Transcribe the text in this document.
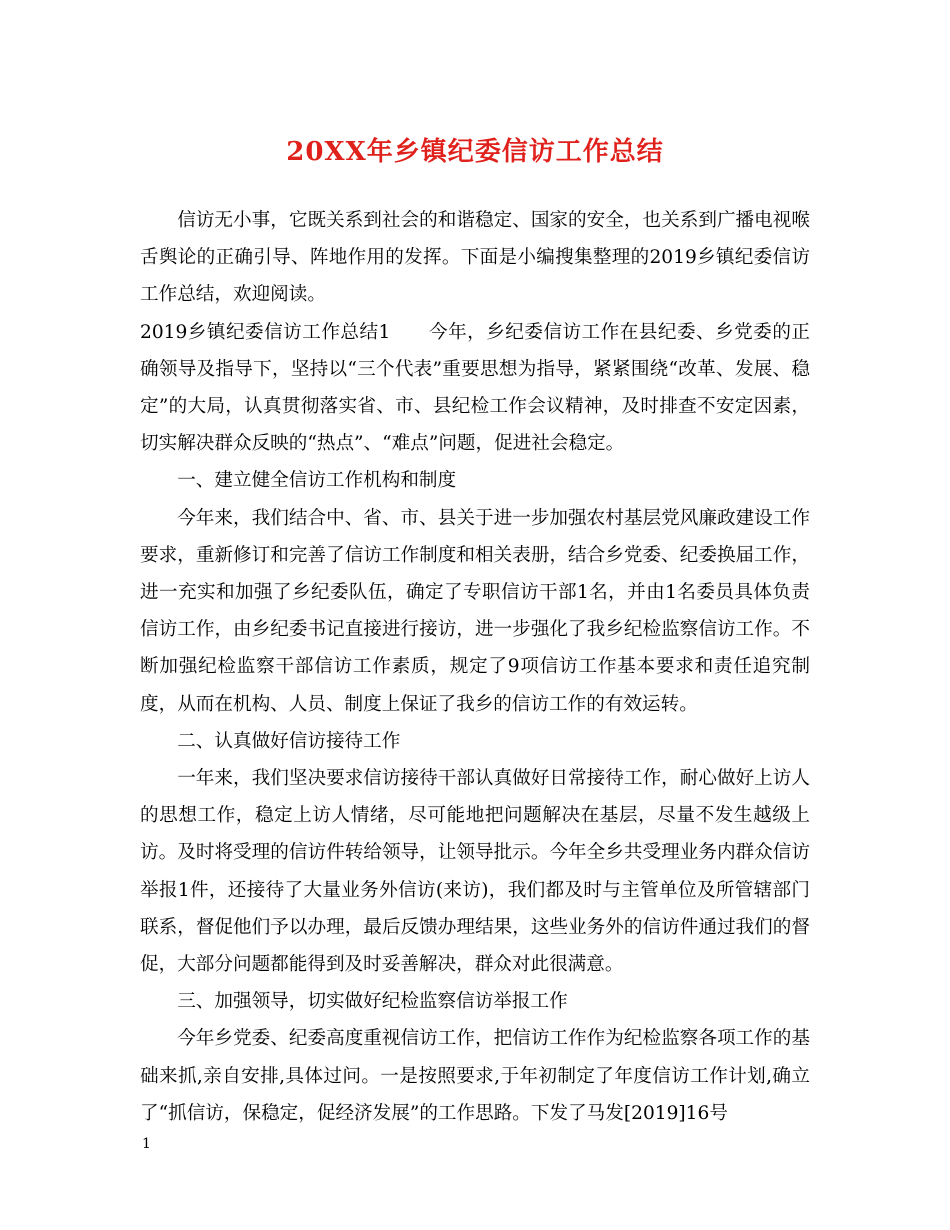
20XX年乡镇纪委信访工作总结

信访无小事，它既关系到社会的和谐稳定、国家的安全，也关系到广播电视喉舌舆论的正确引导、阵地作用的发挥。下面是小编搜集整理的2019乡镇纪委信访工作总结，欢迎阅读。

2019乡镇纪委信访工作总结1　　今年，乡纪委信访工作在县纪委、乡党委的正确领导及指导下，坚持以“三个代表”重要思想为指导，紧紧围绕“改革、发展、稳定”的大局，认真贯彻落实省、市、县纪检工作会议精神，及时排查不安定因素，切实解决群众反映的“热点”、“难点”问题，促进社会稳定。

一、建立健全信访工作机构和制度

今年来，我们结合中、省、市、县关于进一步加强农村基层党风廉政建设工作要求，重新修订和完善了信访工作制度和相关表册，结合乡党委、纪委换届工作，进一充实和加强了乡纪委队伍，确定了专职信访干部1名，并由1名委员具体负责信访工作，由乡纪委书记直接进行接访，进一步强化了我乡纪检监察信访工作。不断加强纪检监察干部信访工作素质，规定了9项信访工作基本要求和责任追究制度，从而在机构、人员、制度上保证了我乡的信访工作的有效运转。

二、认真做好信访接待工作

一年来，我们坚决要求信访接待干部认真做好日常接待工作，耐心做好上访人的思想工作，稳定上访人情绪，尽可能地把问题解决在基层，尽量不发生越级上访。及时将受理的信访件转给领导，让领导批示。今年全乡共受理业务内群众信访举报1件，还接待了大量业务外信访(来访)，我们都及时与主管单位及所管辖部门联系，督促他们予以办理，最后反馈办理结果，这些业务外的信访件通过我们的督促，大部分问题都能得到及时妥善解决，群众对此很满意。

三、加强领导，切实做好纪检监察信访举报工作

今年乡党委、纪委高度重视信访工作，把信访工作作为纪检监察各项工作的基础来抓,亲自安排,具体过问。一是按照要求,于年初制定了年度信访工作计划,确立了“抓信访，保稳定，促经济发展”的工作思路。下发了马发[2019]16号

1
